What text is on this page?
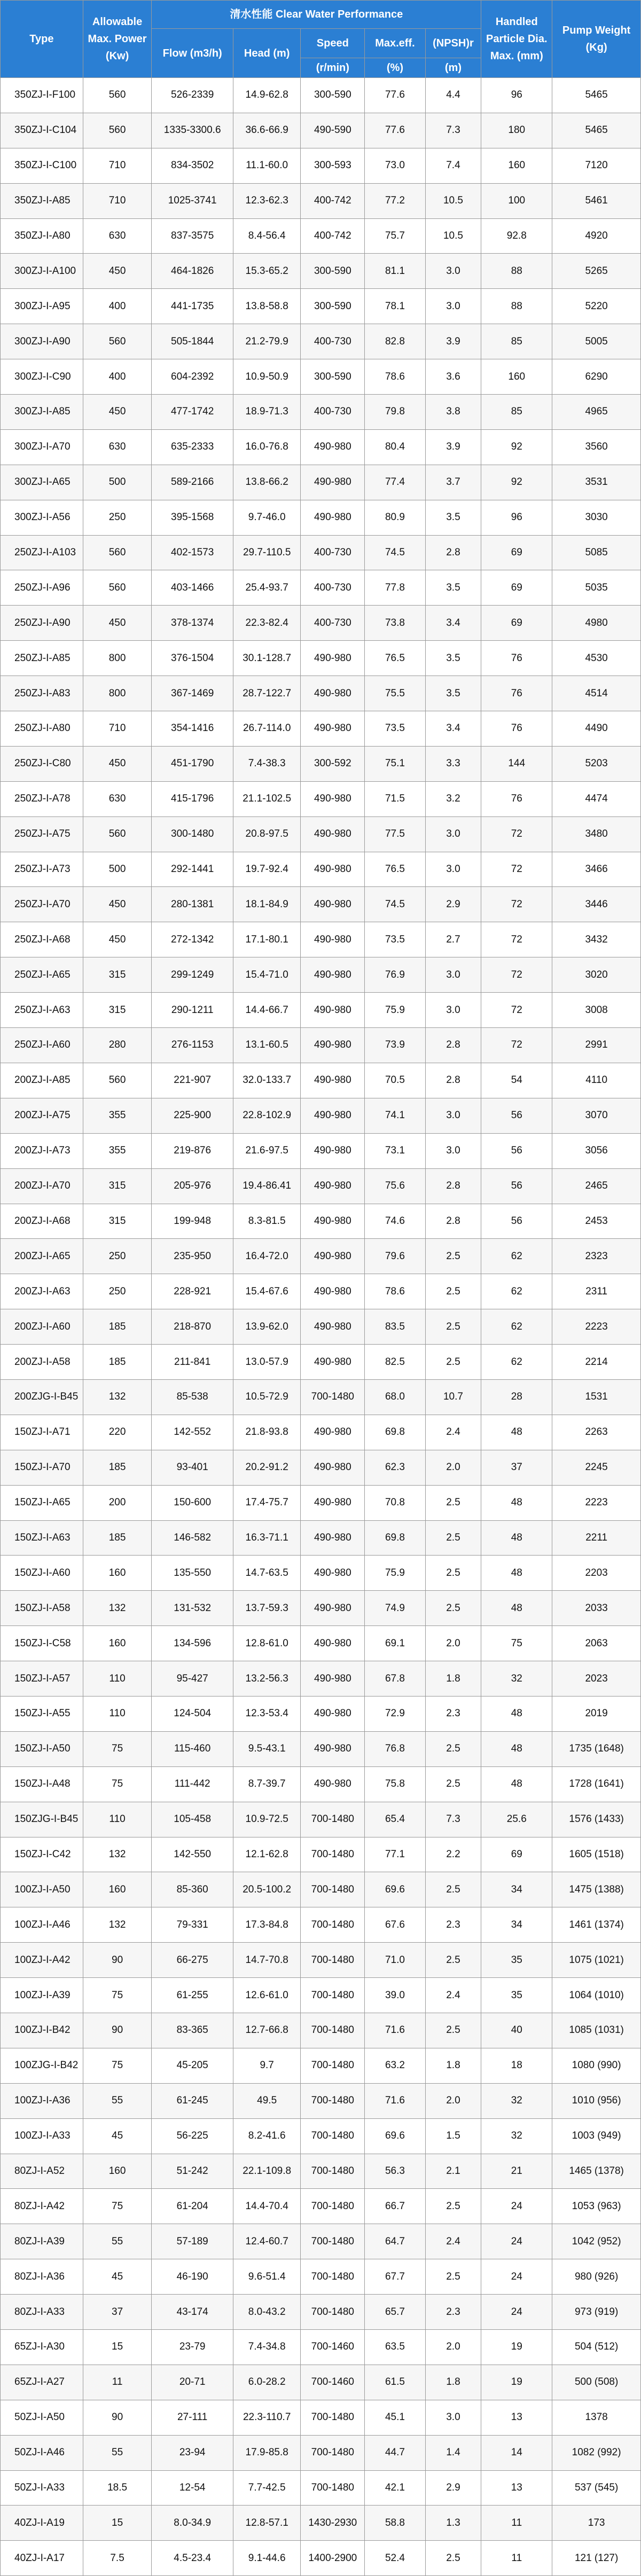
Type	Allowable
Max. Power
(Kw)	清水性能 Clear Water Performance					Handled
Particle Dia.
Max. (mm)	Pump Weight
(Kg)

		Flow (m3/h)	Head (m)	Speed	Max.eff.	(NPSH)r		
				(r/min)	(%)	(m)		
350ZJ-I-F100	560	526-2339	14.9-62.8	300-590	77.6	4.4	96	5465
350ZJ-I-C104	560	1335-3300.6	36.6-66.9	490-590	77.6	7.3	180	5465
350ZJ-I-C100	710	834-3502	11.1-60.0	300-593	73.0	7.4	160	7120
350ZJ-I-A85	710	1025-3741	12.3-62.3	400-742	77.2	10.5	100	5461
350ZJ-I-A80	630	837-3575	8.4-56.4	400-742	75.7	10.5	92.8	4920
300ZJ-I-A100	450	464-1826	15.3-65.2	300-590	81.1	3.0	88	5265
300ZJ-I-A95	400	441-1735	13.8-58.8	300-590	78.1	3.0	88	5220
300ZJ-I-A90	560	505-1844	21.2-79.9	400-730	82.8	3.9	85	5005
300ZJ-I-C90	400	604-2392	10.9-50.9	300-590	78.6	3.6	160	6290
300ZJ-I-A85	450	477-1742	18.9-71.3	400-730	79.8	3.8	85	4965
300ZJ-I-A70	630	635-2333	16.0-76.8	490-980	80.4	3.9	92	3560
300ZJ-I-A65	500	589-2166	13.8-66.2	490-980	77.4	3.7	92	3531
300ZJ-I-A56	250	395-1568	9.7-46.0	490-980	80.9	3.5	96	3030
250ZJ-I-A103	560	402-1573	29.7-110.5	400-730	74.5	2.8	69	5085
250ZJ-I-A96	560	403-1466	25.4-93.7	400-730	77.8	3.5	69	5035
250ZJ-I-A90	450	378-1374	22.3-82.4	400-730	73.8	3.4	69	4980
250ZJ-I-A85	800	376-1504	30.1-128.7	490-980	76.5	3.5	76	4530
250ZJ-I-A83	800	367-1469	28.7-122.7	490-980	75.5	3.5	76	4514
250ZJ-I-A80	710	354-1416	26.7-114.0	490-980	73.5	3.4	76	4490
250ZJ-I-C80	450	451-1790	7.4-38.3	300-592	75.1	3.3	144	5203
250ZJ-I-A78	630	415-1796	21.1-102.5	490-980	71.5	3.2	76	4474
250ZJ-I-A75	560	300-1480	20.8-97.5	490-980	77.5	3.0	72	3480
250ZJ-I-A73	500	292-1441	19.7-92.4	490-980	76.5	3.0	72	3466
250ZJ-I-A70	450	280-1381	18.1-84.9	490-980	74.5	2.9	72	3446
250ZJ-I-A68	450	272-1342	17.1-80.1	490-980	73.5	2.7	72	3432
250ZJ-I-A65	315	299-1249	15.4-71.0	490-980	76.9	3.0	72	3020
250ZJ-I-A63	315	290-1211	14.4-66.7	490-980	75.9	3.0	72	3008
250ZJ-I-A60	280	276-1153	13.1-60.5	490-980	73.9	2.8	72	2991
200ZJ-I-A85	560	221-907	32.0-133.7	490-980	70.5	2.8	54	4110
200ZJ-I-A75	355	225-900	22.8-102.9	490-980	74.1	3.0	56	3070
200ZJ-I-A73	355	219-876	21.6-97.5	490-980	73.1	3.0	56	3056
200ZJ-I-A70	315	205-976	19.4-86.41	490-980	75.6	2.8	56	2465
200ZJ-I-A68	315	199-948	8.3-81.5	490-980	74.6	2.8	56	2453
200ZJ-I-A65	250	235-950	16.4-72.0	490-980	79.6	2.5	62	2323
200ZJ-I-A63	250	228-921	15.4-67.6	490-980	78.6	2.5	62	2311
200ZJ-I-A60	185	218-870	13.9-62.0	490-980	83.5	2.5	62	2223
200ZJ-I-A58	185	211-841	13.0-57.9	490-980	82.5	2.5	62	2214
200ZJG-I-B45	132	85-538	10.5-72.9	700-1480	68.0	10.7	28	1531
150ZJ-I-A71	220	142-552	21.8-93.8	490-980	69.8	2.4	48	2263
150ZJ-I-A70	185	93-401	20.2-91.2	490-980	62.3	2.0	37	2245
150ZJ-I-A65	200	150-600	17.4-75.7	490-980	70.8	2.5	48	2223
150ZJ-I-A63	185	146-582	16.3-71.1	490-980	69.8	2.5	48	2211
150ZJ-I-A60	160	135-550	14.7-63.5	490-980	75.9	2.5	48	2203
150ZJ-I-A58	132	131-532	13.7-59.3	490-980	74.9	2.5	48	2033
150ZJ-I-C58	160	134-596	12.8-61.0	490-980	69.1	2.0	75	2063
150ZJ-I-A57	110	95-427	13.2-56.3	490-980	67.8	1.8	32	2023
150ZJ-I-A55	110	124-504	12.3-53.4	490-980	72.9	2.3	48	2019
150ZJ-I-A50	75	115-460	9.5-43.1	490-980	76.8	2.5	48	1735 (1648)
150ZJ-I-A48	75	111-442	8.7-39.7	490-980	75.8	2.5	48	1728 (1641)
150ZJG-I-B45	110	105-458	10.9-72.5	700-1480	65.4	7.3	25.6	1576 (1433)
150ZJ-I-C42	132	142-550	12.1-62.8	700-1480	77.1	2.2	69	1605 (1518)
100ZJ-I-A50	160	85-360	20.5-100.2	700-1480	69.6	2.5	34	1475 (1388)
100ZJ-I-A46	132	79-331	17.3-84.8	700-1480	67.6	2.3	34	1461 (1374)
100ZJ-I-A42	90	66-275	14.7-70.8	700-1480	71.0	2.5	35	1075 (1021)
100ZJ-I-A39	75	61-255	12.6-61.0	700-1480	39.0	2.4	35	1064 (1010)
100ZJ-I-B42	90	83-365	12.7-66.8	700-1480	71.6	2.5	40	1085 (1031)
100ZJG-I-B42	75	45-205	9.7	700-1480	63.2	1.8	18	1080 (990)
100ZJ-I-A36	55	61-245	49.5	700-1480	71.6	2.0	32	1010 (956)
100ZJ-I-A33	45	56-225	8.2-41.6	700-1480	69.6	1.5	32	1003 (949)
80ZJ-I-A52	160	51-242	22.1-109.8	700-1480	56.3	2.1	21	1465 (1378)
80ZJ-I-A42	75	61-204	14.4-70.4	700-1480	66.7	2.5	24	1053 (963)
80ZJ-I-A39	55	57-189	12.4-60.7	700-1480	64.7	2.4	24	1042 (952)
80ZJ-I-A36	45	46-190	9.6-51.4	700-1480	67.7	2.5	24	980 (926)
80ZJ-I-A33	37	43-174	8.0-43.2	700-1480	65.7	2.3	24	973 (919)
65ZJ-I-A30	15	23-79	7.4-34.8	700-1460	63.5	2.0	19	504 (512)
65ZJ-I-A27	11	20-71	6.0-28.2	700-1460	61.5	1.8	19	500 (508)
50ZJ-I-A50	90	27-111	22.3-110.7	700-1480	45.1	3.0	13	1378
50ZJ-I-A46	55	23-94	17.9-85.8	700-1480	44.7	1.4	14	1082 (992)
50ZJ-I-A33	18.5	12-54	7.7-42.5	700-1480	42.1	2.9	13	537 (545)
40ZJ-I-A19	15	8.0-34.9	12.8-57.1	1430-2930	58.8	1.3	11	173
40ZJ-I-A17	7.5	4.5-23.4	9.1-44.6	1400-2900	52.4	2.5	11	121 (127)
